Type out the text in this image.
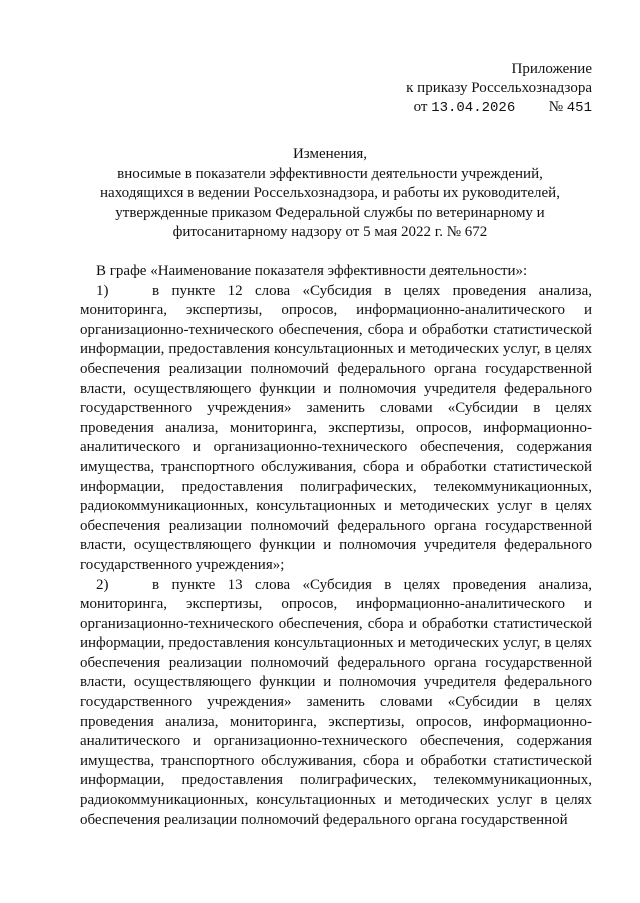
Приложение
к приказу Россельхознадзора
от 13.04.2026 № 451
Изменения,
вносимые в показатели эффективности деятельности учреждений,
находящихся в ведении Россельхознадзора, и работы их руководителей,
утвержденные приказом Федеральной службы по ветеринарному и
фитосанитарному надзору от 5 мая 2022 г. № 672

В графе «Наименование показателя эффективности деятельности»:

1)	в пункте 12 слова «Субсидия в целях проведения анализа, мониторинга, экспертизы, опросов, информационно-аналитического и организационно-технического обеспечения, сбора и обработки статистической информации, предоставления консультационных и методических услуг, в целях обеспечения реализации полномочий федерального органа государственной власти, осуществляющего функции и полномочия учредителя федерального государственного учреждения» заменить словами «Субсидии в целях проведения анализа, мониторинга, экспертизы, опросов, информационно-аналитического и организационно-технического обеспечения, содержания имущества, транспортного обслуживания, сбора и обработки статистической информации, предоставления полиграфических, телекоммуникационных, радиокоммуникационных, консультационных и методических услуг в целях обеспечения реализации полномочий федерального органа государственной власти, осуществляющего функции и полномочия учредителя федерального государственного учреждения»;

2)	в пункте 13 слова «Субсидия в целях проведения анализа, мониторинга, экспертизы, опросов, информационно-аналитического и организационно-технического обеспечения, сбора и обработки статистической информации, предоставления консультационных и методических услуг, в целях обеспечения реализации полномочий федерального органа государственной власти, осуществляющего функции и полномочия учредителя федерального государственного учреждения» заменить словами «Субсидии в целях проведения анализа, мониторинга, экспертизы, опросов, информационно-аналитического и организационно-технического обеспечения, содержания имущества, транспортного обслуживания, сбора и обработки статистической информации, предоставления полиграфических, телекоммуникационных, радиокоммуникационных, консультационных и методических услуг в целях обеспечения реализации полномочий федерального органа государственной
